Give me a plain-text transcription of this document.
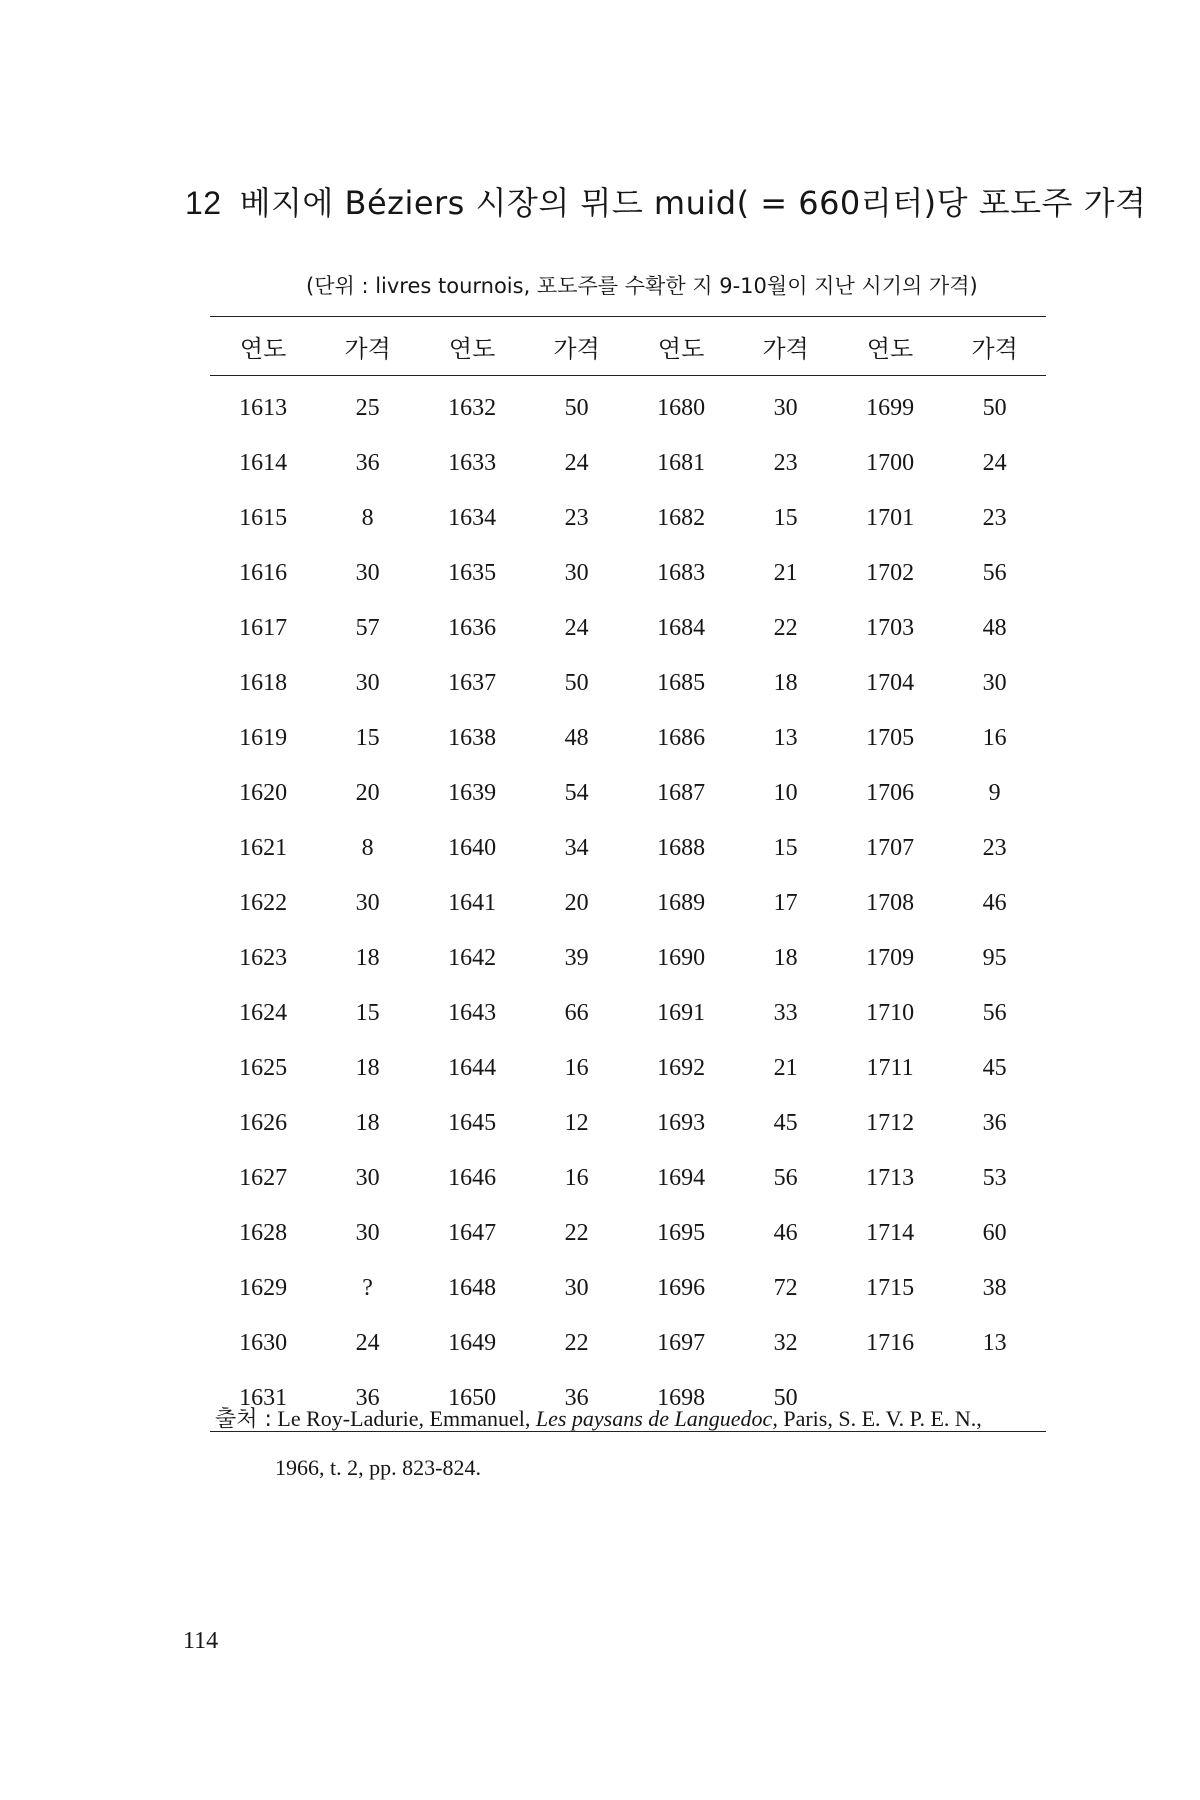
12 베지에 Béziers 시장의 뮈드 muid( = 660리터)당 포도주 가격
(단위 : livres tournois, 포도주를 수확한 지 9-10월이 지난 시기의 가격)
연도	가격	연도	가격	연도	가격	연도	가격
1613	25	1632	50	1680	30	1699	50
1614	36	1633	24	1681	23	1700	24
1615	8	1634	23	1682	15	1701	23
1616	30	1635	30	1683	21	1702	56
1617	57	1636	24	1684	22	1703	48
1618	30	1637	50	1685	18	1704	30
1619	15	1638	48	1686	13	1705	16
1620	20	1639	54	1687	10	1706	9
1621	8	1640	34	1688	15	1707	23
1622	30	1641	20	1689	17	1708	46
1623	18	1642	39	1690	18	1709	95
1624	15	1643	66	1691	33	1710	56
1625	18	1644	16	1692	21	1711	45
1626	18	1645	12	1693	45	1712	36
1627	30	1646	16	1694	56	1713	53
1628	30	1647	22	1695	46	1714	60
1629	?	1648	30	1696	72	1715	38
1630	24	1649	22	1697	32	1716	13
1631	36	1650	36	1698	50		
출처 : Le Roy-Ladurie, Emmanuel, Les paysans de Languedoc, Paris, S. E. V. P. E. N.,
1966, t. 2, pp. 823-824.
114
